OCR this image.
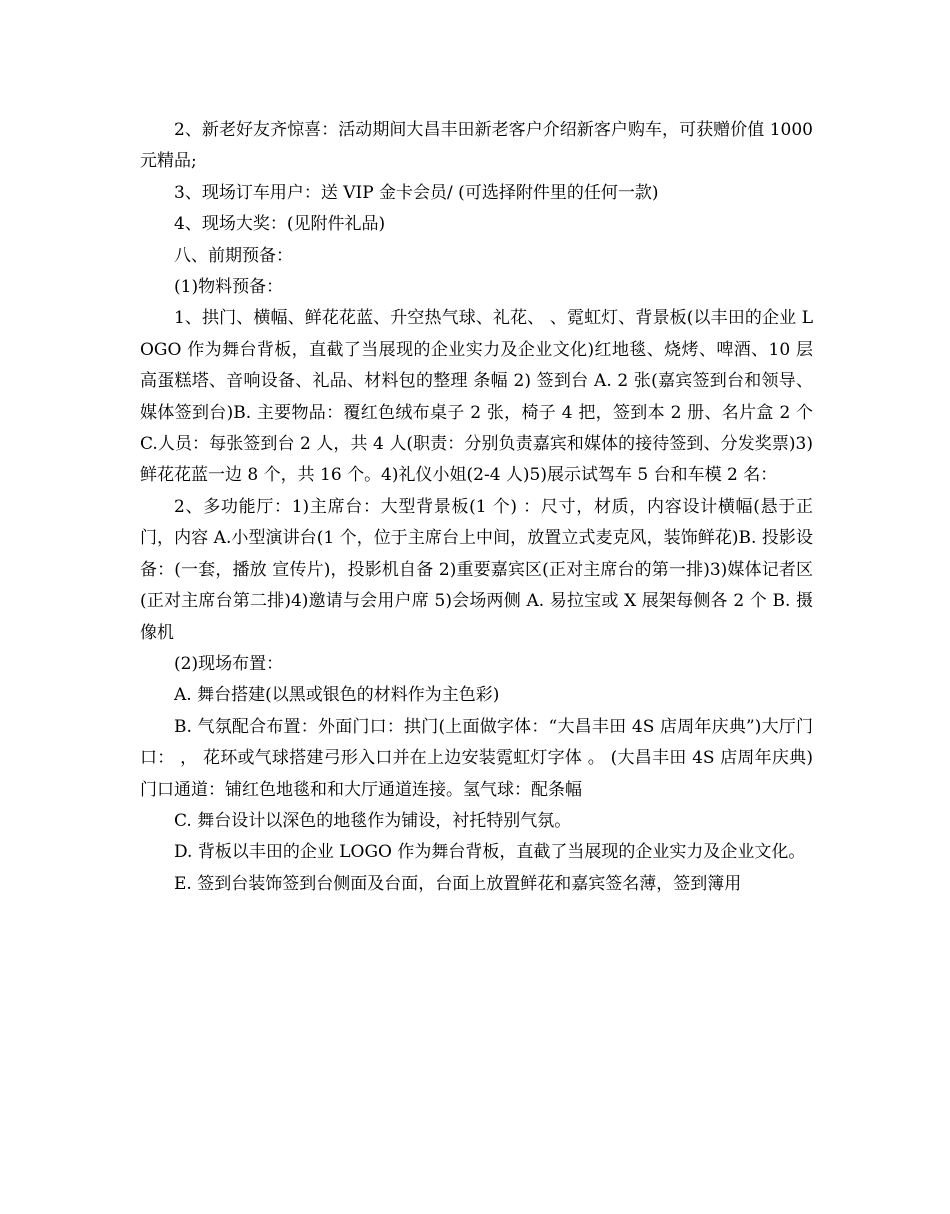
2、新老好友齐惊喜：活动期间大昌丰田新老客户介绍新客户购车，可获赠价值 1000 元精品;

3、现场订车用户：送 VIP 金卡会员/ (可选择附件里的任何一款)

4、现场大奖：(见附件礼品)

八、前期预备：

(1)物料预备：

1、拱门、横幅、鲜花花蓝、升空热气球、礼花、 、霓虹灯、背景板(以丰田的企业 LOGO 作为舞台背板，直截了当展现的企业实力及企业文化)红地毯、烧烤、啤酒、10 层高蛋糕塔、音响设备、礼品、材料包的整理 条幅 2) 签到台 A. 2 张(嘉宾签到台和领导、媒体签到台)B. 主要物品：覆红色绒布桌子 2 张，椅子 4 把，签到本 2 册、名片盒 2 个 C.人员：每张签到台 2 人，共 4 人(职责：分别负责嘉宾和媒体的接待签到、分发奖票)3)鲜花花蓝一边 8 个，共 16 个。4)礼仪小姐(2-4 人)5)展示试驾车 5 台和车模 2 名：

2、多功能厅：1)主席台：大型背景板(1 个) ：尺寸，材质，内容设计横幅(悬于正门，内容 A.小型演讲台(1 个，位于主席台上中间，放置立式麦克风，装饰鲜花)B. 投影设备：(一套，播放 宣传片)，投影机自备 2)重要嘉宾区(正对主席台的第一排)3)媒体记者区(正对主席台第二排)4)邀请与会用户席 5)会场两侧 A. 易拉宝或 X 展架每侧各 2 个 B. 摄像机

(2)现场布置：

A. 舞台搭建(以黑或银色的材料作为主色彩)

B. 气氛配合布置：外面门口：拱门(上面做字体：“大昌丰田 4S 店周年庆典”)大厅门口： ， 花环或气球搭建弓形入口并在上边安装霓虹灯字体 。 (大昌丰田 4S 店周年庆典)门口通道：铺红色地毯和和大厅通道连接。氢气球：配条幅

C. 舞台设计以深色的地毯作为铺设，衬托特别气氛。

D. 背板以丰田的企业 LOGO 作为舞台背板，直截了当展现的企业实力及企业文化。

E. 签到台装饰签到台侧面及台面，台面上放置鲜花和嘉宾签名薄，签到簿用
